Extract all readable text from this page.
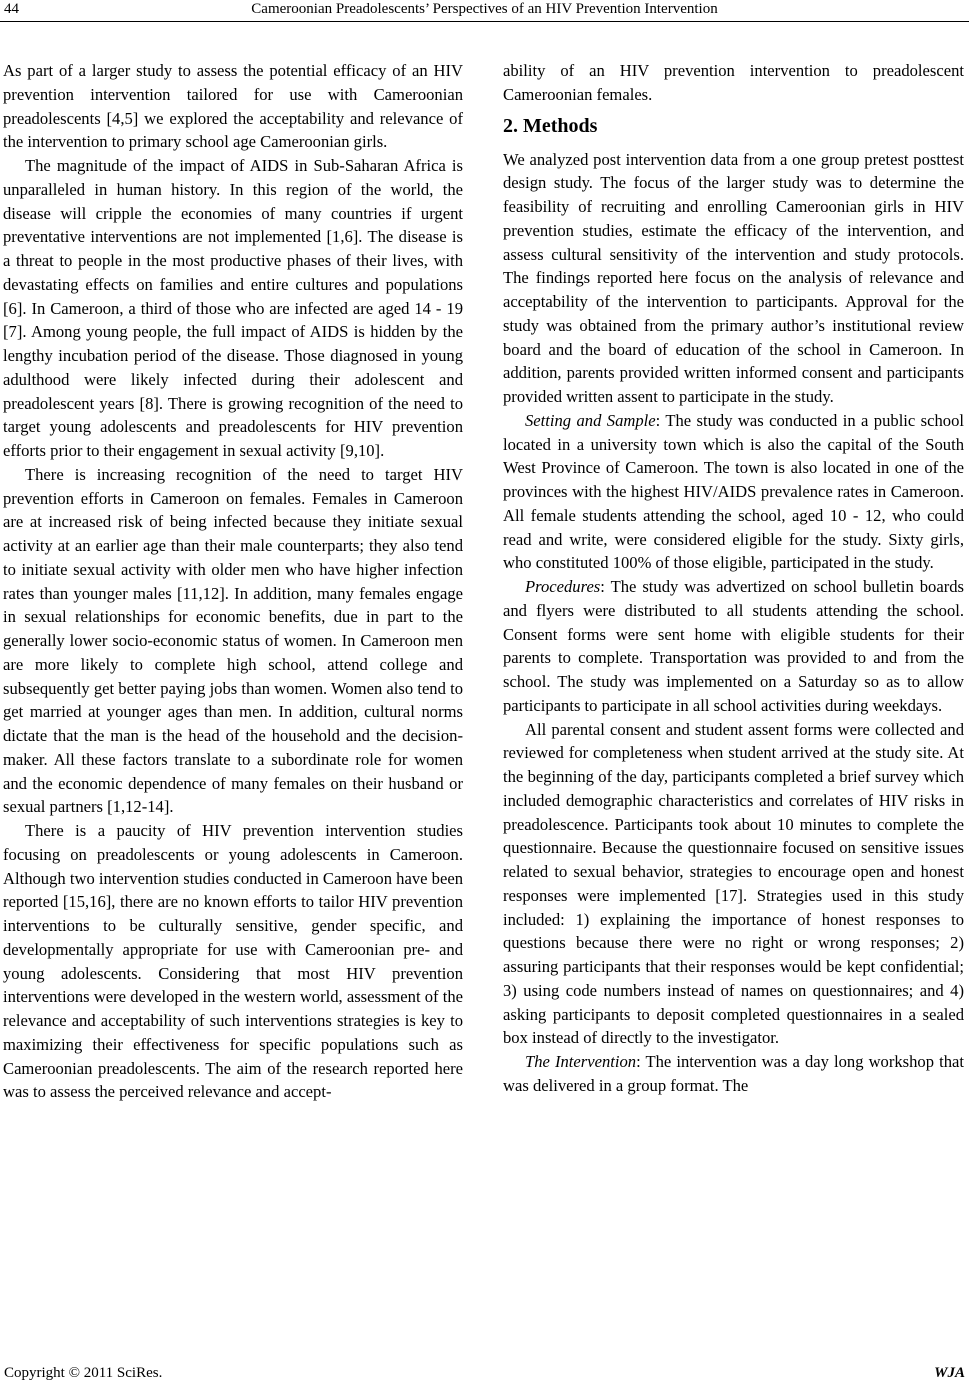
44	Cameroonian Preadolescents’ Perspectives of an HIV Prevention Intervention

As part of a larger study to assess the potential efficacy of an HIV prevention intervention tailored for use with Cameroonian preadolescents [4,5] we explored the acceptability and relevance of the intervention to primary school age Cameroonian girls.

The magnitude of the impact of AIDS in Sub-Saharan Africa is unparalleled in human history. In this region of the world, the disease will cripple the economies of many countries if urgent preventative interventions are not implemented [1,6]. The disease is a threat to people in the most productive phases of their lives, with devastating effects on families and entire cultures and populations [6]. In Cameroon, a third of those who are infected are aged 14 - 19 [7]. Among young people, the full impact of AIDS is hidden by the lengthy incubation period of the disease. Those diagnosed in young adulthood were likely infected during their adolescent and preadolescent years [8]. There is growing recognition of the need to target young adolescents and preadolescents for HIV prevention efforts prior to their engagement in sexual activity [9,10].

There is increasing recognition of the need to target HIV prevention efforts in Cameroon on females. Females in Cameroon are at increased risk of being infected because they initiate sexual activity at an earlier age than their male counterparts; they also tend to initiate sexual activity with older men who have higher infection rates than younger males [11,12]. In addition, many females engage in sexual relationships for economic benefits, due in part to the generally lower socio-economic status of women. In Cameroon men are more likely to complete high school, attend college and subsequently get better paying jobs than women. Women also tend to get married at younger ages than men. In addition, cultural norms dictate that the man is the head of the household and the decision-maker. All these factors translate to a subordinate role for women and the economic dependence of many females on their husband or sexual partners [1,12-14].

There is a paucity of HIV prevention intervention studies focusing on preadolescents or young adolescents in Cameroon. Although two intervention studies conducted in Cameroon have been reported [15,16], there are no known efforts to tailor HIV prevention interventions to be culturally sensitive, gender specific, and developmentally appropriate for use with Cameroonian pre- and young adolescents. Considering that most HIV prevention interventions were developed in the western world, assessment of the relevance and acceptability of such interventions strategies is key to maximizing their effectiveness for specific populations such as Cameroonian preadolescents. The aim of the research reported here was to assess the perceived relevance and accept-

ability of an HIV prevention intervention to preadolescent Cameroonian females.

2. Methods

We analyzed post intervention data from a one group pretest posttest design study. The focus of the larger study was to determine the feasibility of recruiting and enrolling Cameroonian girls in HIV prevention studies, estimate the efficacy of the intervention, and assess cultural sensitivity of the intervention and study protocols. The findings reported here focus on the analysis of relevance and acceptability of the intervention to participants. Approval for the study was obtained from the primary author’s institutional review board and the board of education of the school in Cameroon. In addition, parents provided written informed consent and participants provided written assent to participate in the study.

Setting and Sample: The study was conducted in a public school located in a university town which is also the capital of the South West Province of Cameroon. The town is also located in one of the provinces with the highest HIV/AIDS prevalence rates in Cameroon. All female students attending the school, aged 10 - 12, who could read and write, were considered eligible for the study. Sixty girls, who constituted 100% of those eligible, participated in the study.

Procedures: The study was advertized on school bulletin boards and flyers were distributed to all students attending the school. Consent forms were sent home with eligible students for their parents to complete. Transportation was provided to and from the school. The study was implemented on a Saturday so as to allow participants to participate in all school activities during weekdays.

All parental consent and student assent forms were collected and reviewed for completeness when student arrived at the study site. At the beginning of the day, participants completed a brief survey which included demographic characteristics and correlates of HIV risks in preadolescence. Participants took about 10 minutes to complete the questionnaire. Because the questionnaire focused on sensitive issues related to sexual behavior, strategies to encourage open and honest responses were implemented [17]. Strategies used in this study included: 1) explaining the importance of honest responses to questions because there were no right or wrong responses; 2) assuring participants that their responses would be kept confidential; 3) using code numbers instead of names on questionnaires; and 4) asking participants to deposit completed questionnaires in a sealed box instead of directly to the investigator.

The Intervention: The intervention was a day long workshop that was delivered in a group format. The

Copyright © 2011 SciRes.	WJA
